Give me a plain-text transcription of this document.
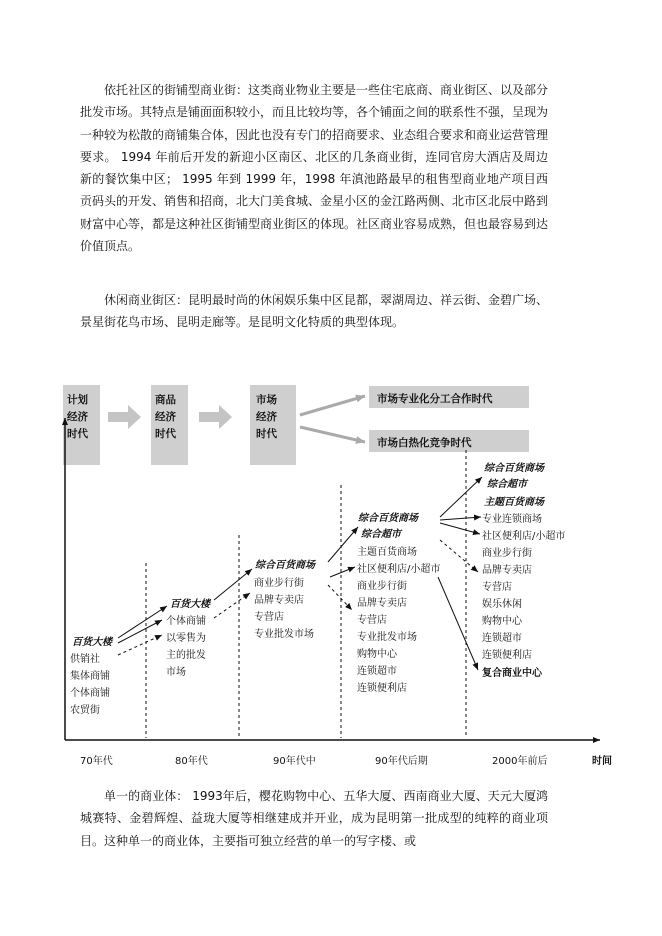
依托社区的街铺型商业街：这类商业物业主要是一些住宅底商、商业街区、以及部分批发市场。其特点是铺面面积较小，而且比较均等，各个铺面之间的联系性不强，呈现为一种较为松散的商铺集合体，因此也没有专门的招商要求、业态组合要求和商业运营管理要求。 1994 年前后开发的新迎小区南区、北区的几条商业街，连同官房大酒店及周边新的餐饮集中区； 1995 年到 1999 年，1998 年滇池路最早的租售型商业地产项目西贡码头的开发、销售和招商，北大门美食城、金星小区的金江路两侧、北市区北辰中路到财富中心等，都是这种社区街铺型商业街区的体现。社区商业容易成熟，但也最容易到达价值顶点。

休闲商业街区：昆明最时尚的休闲娱乐集中区昆都，翠湖周边、祥云街、金碧广场、景星街花鸟市场、昆明走廊等。是昆明文化特质的典型体现。

计划
经济
时代
商品
经济
时代
市场
经济
时代
市场专业化分工合作时代
市场白热化竞争时代
70年代	80年代	90年代中	90年代后期	2000年前后	时间
百货大楼
供销社
集体商铺
个体商铺
农贸街
百货大楼
个体商铺
以零售为
主的批发
市场
综合百货商场
商业步行街
品牌专卖店
专营店
专业批发市场
综合百货商场
综合超市
主题百货商场
社区便利店/小超市
商业步行街
品牌专卖店
专营店
专业批发市场
购物中心
连锁超市
连锁便利店
综合百货商场
综合超市
主题百货商场
专业连锁商场
社区便利店/小超市
商业步行街
品牌专卖店
专营店
娱乐休闲
购物中心
连锁超市
连锁便利店
复合商业中心

单一的商业体： 1993年后，樱花购物中心、五华大厦、西南商业大厦、天元大厦鸿城赛特、金碧辉煌、益珑大厦等相继建成并开业，成为昆明第一批成型的纯粹的商业项目。这种单一的商业体，主要指可独立经营的单一的写字楼、或
